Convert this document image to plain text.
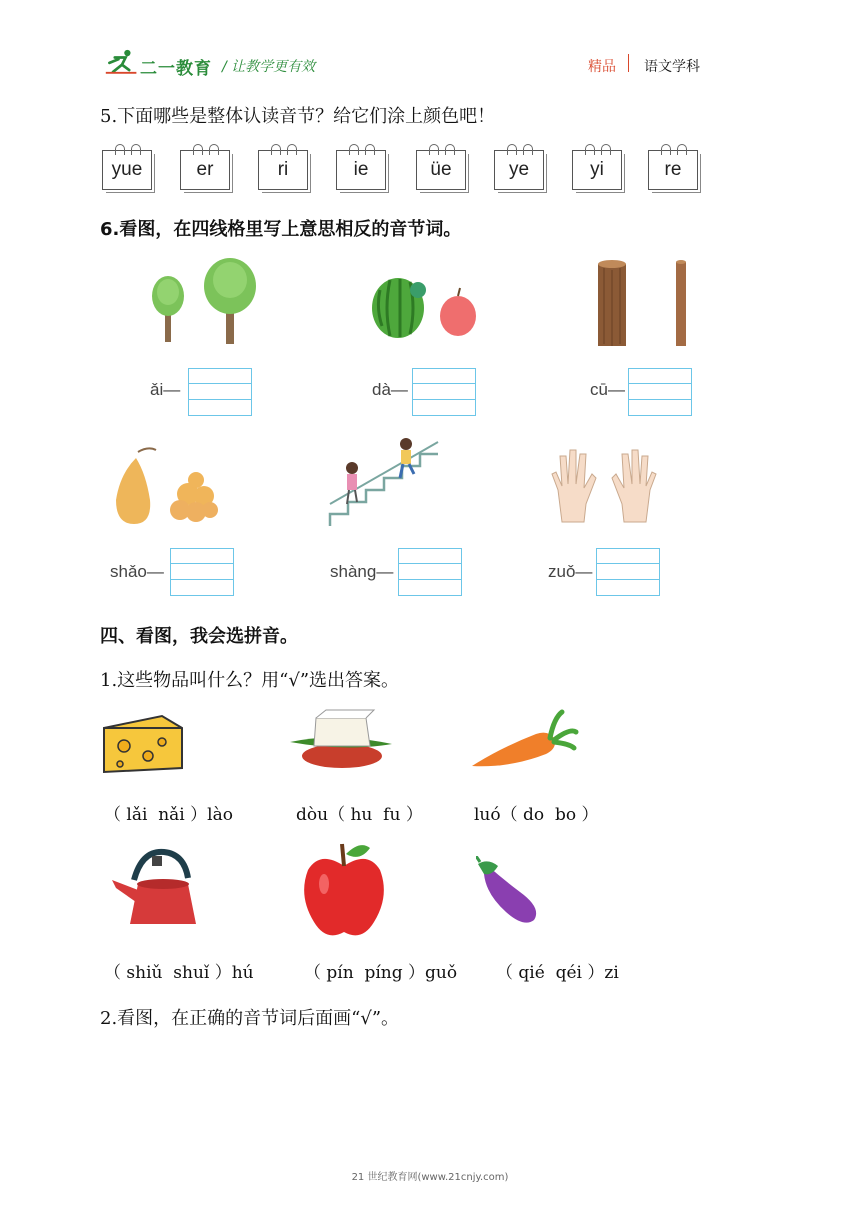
二一教育 / 让教学更有效	精品 语文学科
5.下面哪些是整体认读音节？给它们涂上颜色吧！
yue	er	ri	ie	üe	ye	yi	re
6.看图，在四线格里写上意思相反的音节词。
ǎi—	dà—	cū—
shǎo—	shàng—	zuǒ—
四、看图，我会选拼音。
1.这些物品叫什么？用“√”选出答案。
（ lǎi  nǎi ）lào	dòu（ hu  fu ）	luó（ do  bo ）
（ shiǔ  shuǐ ）hú	（ pín  píng ）guǒ （ qié  qéi ）zi
2.看图，在正确的音节词后面画“√”。
21 世纪教育网(www.21cnjy.com)
